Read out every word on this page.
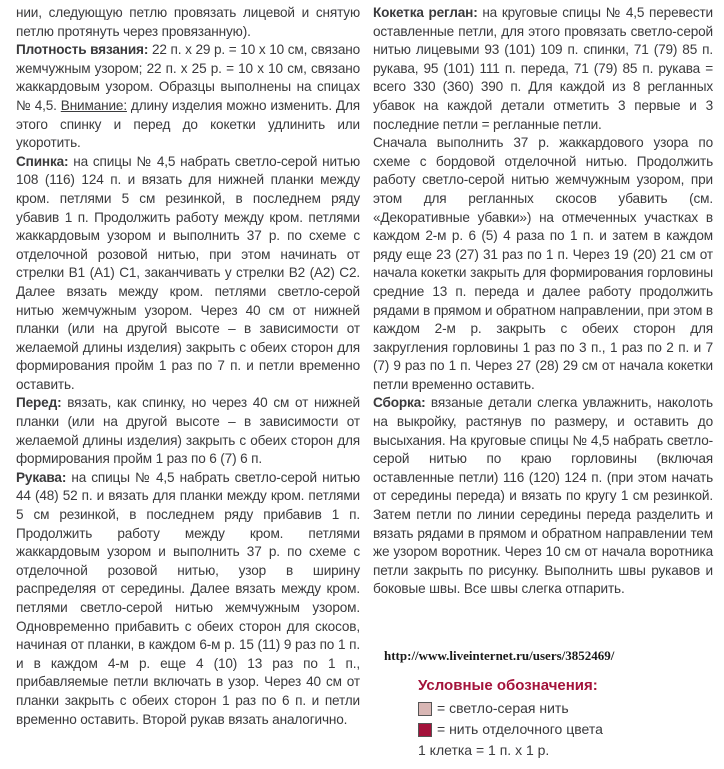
нии, следующую петлю провязать лицевой и снятую петлю протянуть через провязанную).

Плотность вязания: 22 п. x 29 р. = 10 x 10 см, связано жемчужным узором; 22 п. x 25 р. = 10 x 10 см, связано жаккардовым узором. Образцы выполнены на спицах № 4,5. Внимание: длину изделия можно изменить. Для этого спинку и перед до кокетки удлинить или укоротить.

Спинка: на спицы № 4,5 набрать светло-серой нитью 108 (116) 124 п. и вязать для нижней планки между кром. петлями 5 см резинкой, в последнем ряду убавив 1 п. Продолжить работу между кром. петлями жаккардовым узором и выполнить 37 р. по схеме с отделочной розовой нитью, при этом начинать от стрелки В1 (А1) С1, заканчивать у стрелки В2 (А2) С2. Далее вязать между кром. петлями светло-серой нитью жемчужным узором. Через 40 см от нижней планки (или на другой высоте – в зависимости от желаемой длины изделия) закрыть с обеих сторон для формирования пройм 1 раз по 7 п. и петли временно оставить.

Перед: вязать, как спинку, но через 40 см от нижней планки (или на другой высоте – в зависимости от желаемой длины изделия) закрыть с обеих сторон для формирования пройм 1 раз по 6 (7) 6 п.

Рукава: на спицы № 4,5 набрать светло-серой нитью 44 (48) 52 п. и вязать для планки между кром. петлями 5 см резинкой, в последнем ряду прибавив 1 п. Продолжить работу между кром. петлями жаккардовым узором и выполнить 37 р. по схеме с отделочной розовой нитью, узор в ширину распределяя от середины. Далее вязать между кром. петлями светло-серой нитью жемчужным узором. Одновременно прибавить с обеих сторон для скосов, начиная от планки, в каждом 6-м р. 15 (11) 9 раз по 1 п. и в каждом 4-м р. еще 4 (10) 13 раз по 1 п., прибавляемые петли включать в узор. Через 40 см от планки закрыть с обеих сторон 1 раз по 6 п. и петли временно оставить. Второй рукав вязать аналогично.

Кокетка реглан: на круговые спицы № 4,5 перевести оставленные петли, для этого провязать светло-серой нитью лицевыми 93 (101) 109 п. спинки, 71 (79) 85 п. рукава, 95 (101) 111 п. переда, 71 (79) 85 п. рукава = всего 330 (360) 390 п. Для каждой из 8 регланных убавок на каждой детали отметить 3 первые и 3 последние петли = регланные петли.

Сначала выполнить 37 р. жаккардового узора по схеме с бордовой отделочной нитью. Продолжить работу светло-серой нитью жемчужным узором, при этом для регланных скосов убавить (см. «Декоративные убавки») на отмеченных участках в каждом 2-м р. 6 (5) 4 раза по 1 п. и затем в каждом ряду еще 23 (27) 31 раз по 1 п. Через 19 (20) 21 см от начала кокетки закрыть для формирования горловины средние 13 п. переда и далее работу продолжить рядами в прямом и обратном направлении, при этом в каждом 2-м р. закрыть с обеих сторон для закругления горловины 1 раз по 3 п., 1 раз по 2 п. и 7 (7) 9 раз по 1 п. Через 27 (28) 29 см от начала кокетки петли временно оставить.

Сборка: вязаные детали слегка увлажнить, наколоть на выкройку, растянув по размеру, и оставить до высыхания. На круговые спицы № 4,5 набрать светло-серой нитью по краю горловины (включая оставленные петли) 116 (120) 124 п. (при этом начать от середины переда) и вязать по кругу 1 см резинкой. Затем петли по линии середины переда разделить и вязать рядами в прямом и обратном направлении тем же узором воротник. Через 10 см от начала воротника петли закрыть по рисунку. Выполнить швы рукавов и боковые швы. Все швы слегка отпарить.

http://www.liveinternet.ru/users/3852469/
Условные обозначения:
= светло-серая нить
= нить отделочного цвета
1 клетка = 1 п. x 1 р.
